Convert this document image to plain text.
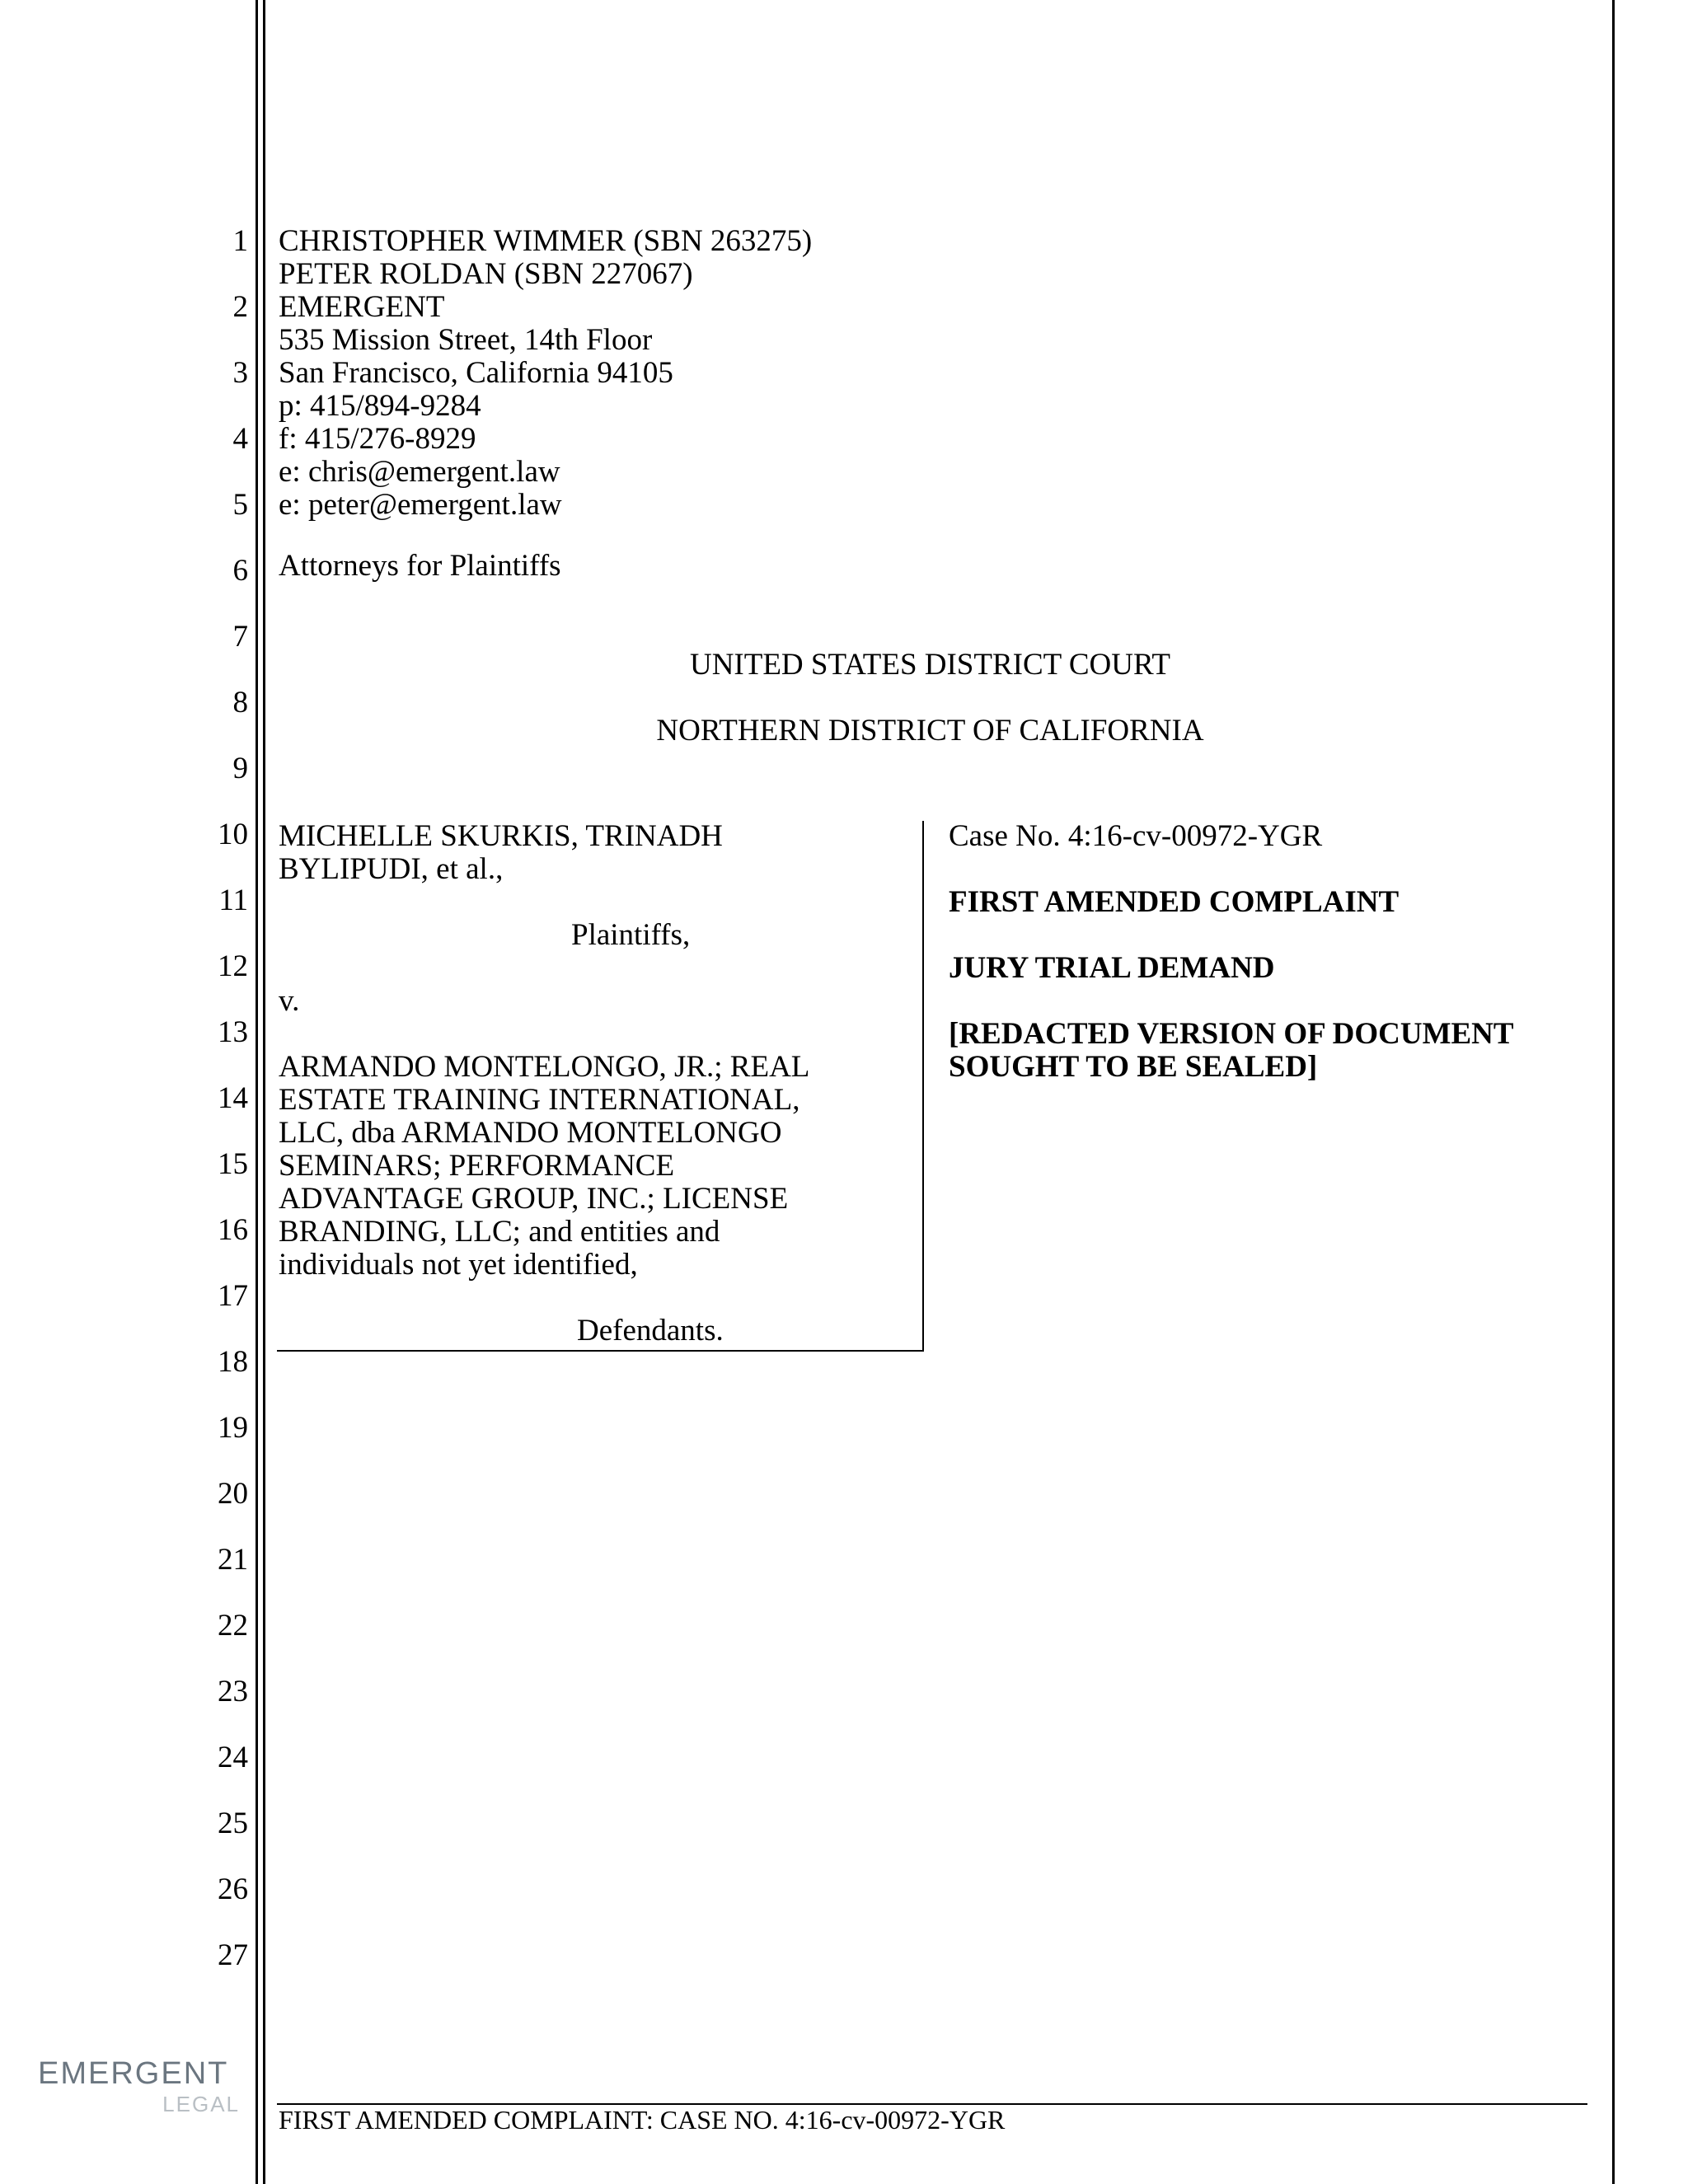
1
2
3
4
5
6
7
8
9
10
11
12
13
14
15
16
17
18
19
20
21
22
23
24
25
26
27
CHRISTOPHER WIMMER (SBN 263275)
PETER ROLDAN (SBN 227067)
EMERGENT
535 Mission Street, 14th Floor
San Francisco, California 94105
p: 415/894-9284
f: 415/276-8929
e: chris@emergent.law
e: peter@emergent.law
Attorneys for Plaintiffs
UNITED STATES DISTRICT COURT
NORTHERN DISTRICT OF CALIFORNIA
MICHELLE SKURKIS, TRINADH
BYLIPUDI, et al.,
Plaintiffs,
v.
ARMANDO MONTELONGO, JR.; REAL
ESTATE TRAINING INTERNATIONAL,
LLC, dba ARMANDO MONTELONGO
SEMINARS; PERFORMANCE
ADVANTAGE GROUP, INC.; LICENSE
BRANDING, LLC; and entities and
individuals not yet identified,
Defendants.
Case No. 4:16-cv-00972-YGR
FIRST AMENDED COMPLAINT
JURY TRIAL DEMAND
[REDACTED VERSION OF DOCUMENT
SOUGHT TO BE SEALED]
FIRST AMENDED COMPLAINT: CASE NO. 4:16-cv-00972-YGR
EMERGENT
LEGAL
